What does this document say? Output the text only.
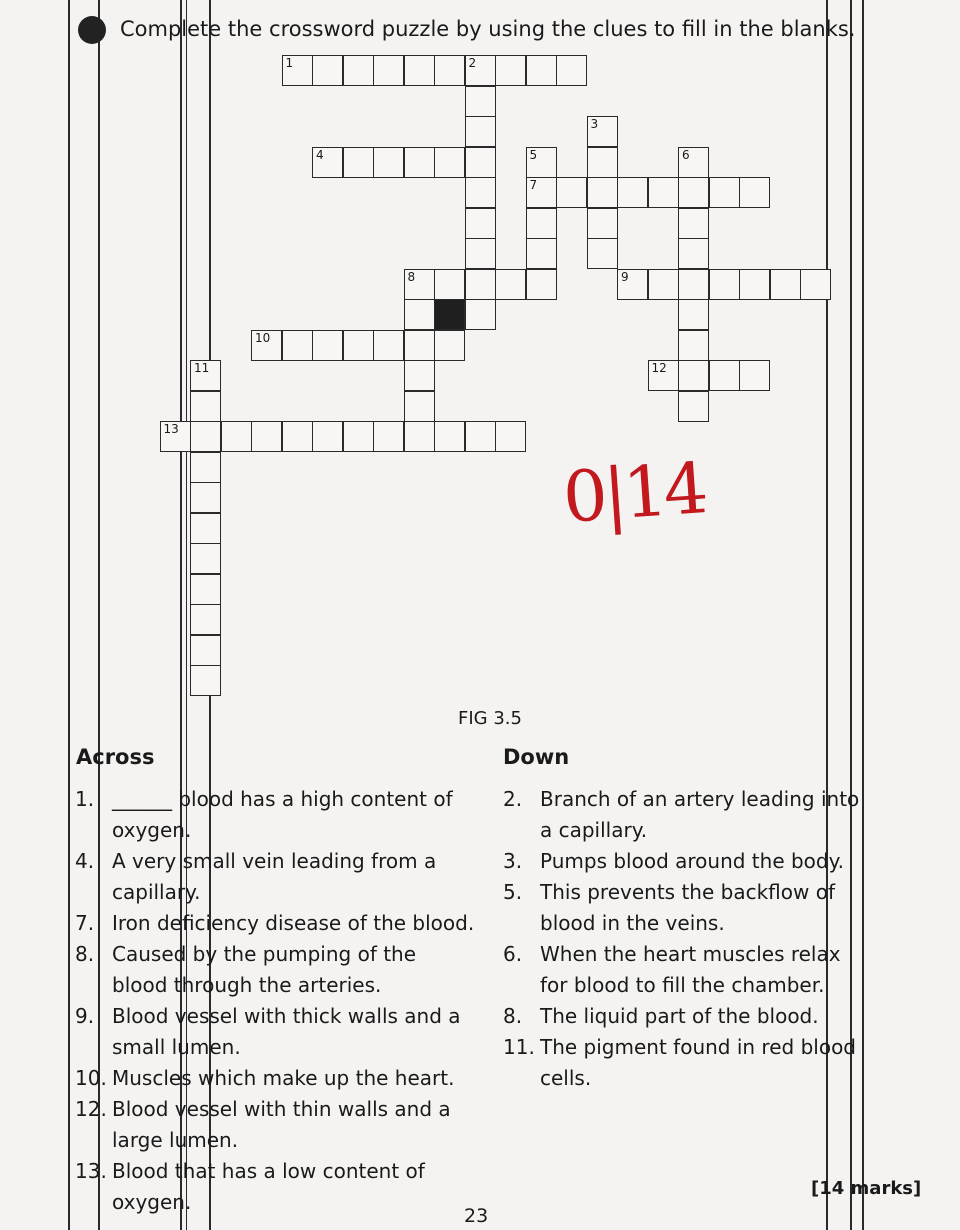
Complete the crossword puzzle by using the clues to fill in the blanks.
1	2
3
4	5
7
6
8	9
10
11	12
13
0|14
FIG 3.5
Across	Down
1. ______ blood has a high content of oxygen.
4. A very small vein leading from a capillary.
7. Iron deficiency disease of the blood.
8. Caused by the pumping of the blood through the arteries.
9. Blood vessel with thick walls and a small lumen.
10. Muscles which make up the heart.
12. Blood vessel with thin walls and a large lumen.
13. Blood that has a low content of oxygen.
2. Branch of an artery leading into a capillary.
3. Pumps blood around the body.
5. This prevents the backflow of blood in the veins.
6. When the heart muscles relax for blood to fill the chamber.
8. The liquid part of the blood.
11. The pigment found in red blood cells.
[14 marks]
23
